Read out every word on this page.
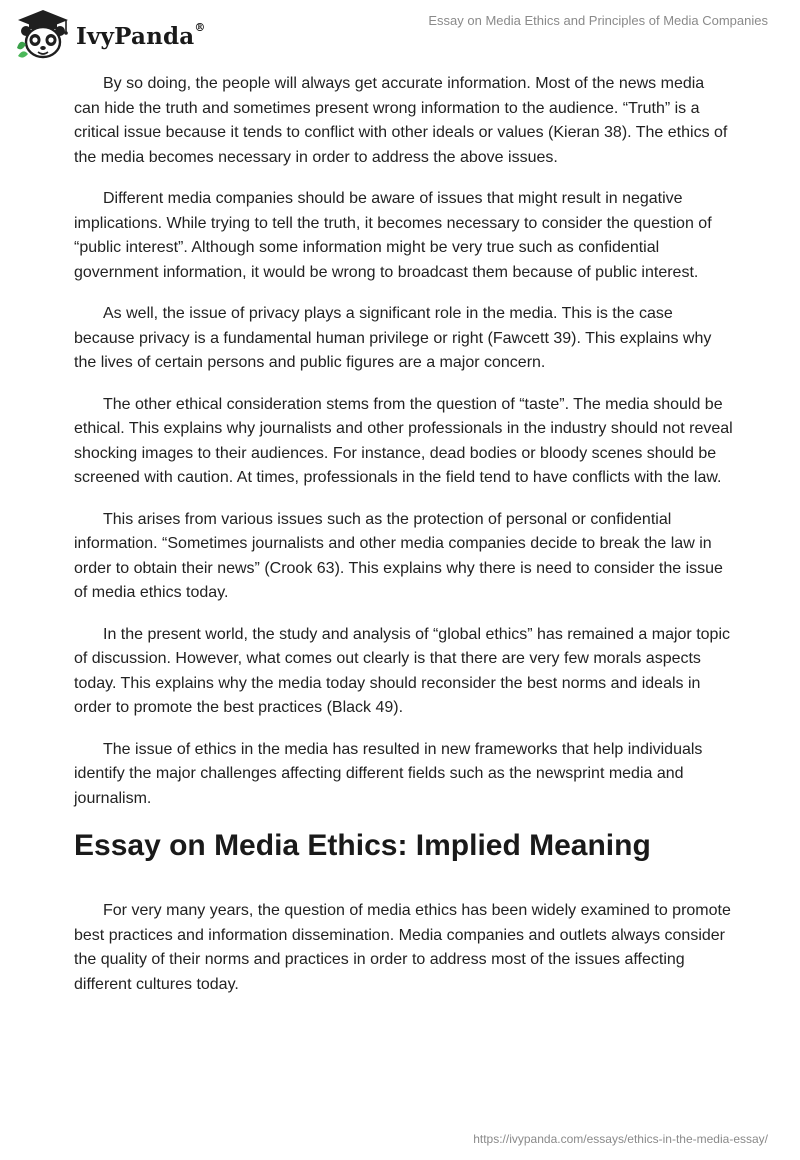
IvyPanda®	Essay on Media Ethics and Principles of Media Companies

By so doing, the people will always get accurate information. Most of the news media can hide the truth and sometimes present wrong information to the audience. “Truth” is a critical issue because it tends to conflict with other ideals or values (Kieran 38). The ethics of the media becomes necessary in order to address the above issues.

Different media companies should be aware of issues that might result in negative implications. While trying to tell the truth, it becomes necessary to consider the question of “public interest”. Although some information might be very true such as confidential government information, it would be wrong to broadcast them because of public interest.

As well, the issue of privacy plays a significant role in the media. This is the case because privacy is a fundamental human privilege or right (Fawcett 39). This explains why the lives of certain persons and public figures are a major concern.

The other ethical consideration stems from the question of “taste”. The media should be ethical. This explains why journalists and other professionals in the industry should not reveal shocking images to their audiences. For instance, dead bodies or bloody scenes should be screened with caution. At times, professionals in the field tend to have conflicts with the law.

This arises from various issues such as the protection of personal or confidential information. “Sometimes journalists and other media companies decide to break the law in order to obtain their news” (Crook 63). This explains why there is need to consider the issue of media ethics today.

In the present world, the study and analysis of “global ethics” has remained a major topic of discussion. However, what comes out clearly is that there are very few morals aspects today. This explains why the media today should reconsider the best norms and ideals in order to promote the best practices (Black 49).

The issue of ethics in the media has resulted in new frameworks that help individuals identify the major challenges affecting different fields such as the newsprint media and journalism.

Essay on Media Ethics: Implied Meaning

For very many years, the question of media ethics has been widely examined to promote best practices and information dissemination. Media companies and outlets always consider the quality of their norms and practices in order to address most of the issues affecting different cultures today.

https://ivypanda.com/essays/ethics-in-the-media-essay/
